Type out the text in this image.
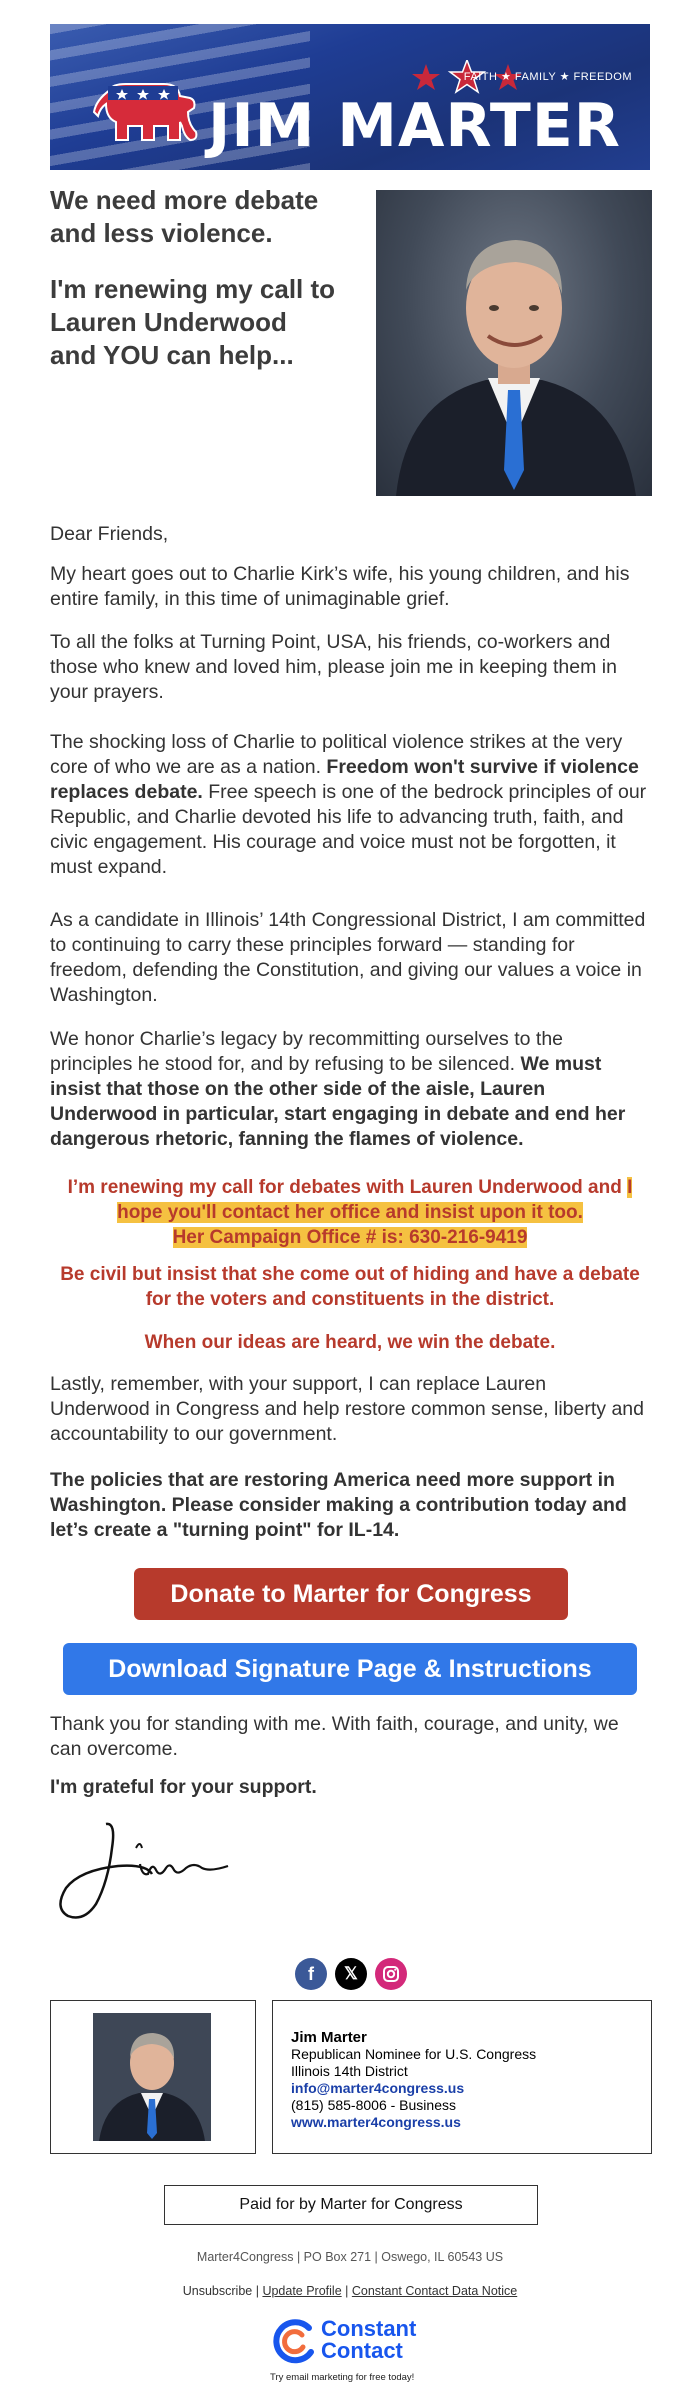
FAITH ★ FAMILY ★ FREEDOM
JIM MARTER
We need more debate and less violence.
I'm renewing my call to Lauren Underwood and YOU can help...

Dear Friends,

My heart goes out to Charlie Kirk’s wife, his young children, and his entire family, in this time of unimaginable grief.

To all the folks at Turning Point, USA, his friends, co-workers and those who knew and loved him, please join me in keeping them in your prayers.

The shocking loss of Charlie to political violence strikes at the very core of who we are as a nation. Freedom won't survive if violence replaces debate. Free speech is one of the bedrock principles of our Republic, and Charlie devoted his life to advancing truth, faith, and civic engagement. His courage and voice must not be forgotten, it must expand.

As a candidate in Illinois’ 14th Congressional District, I am committed to continuing to carry these principles forward — standing for freedom, defending the Constitution, and giving our values a voice in Washington.

We honor Charlie’s legacy by recommitting ourselves to the principles he stood for, and by refusing to be silenced. We must insist that those on the other side of the aisle, Lauren Underwood in particular, start engaging in debate and end her dangerous rhetoric, fanning the flames of violence.

I’m renewing my call for debates with Lauren Underwood and I hope you'll contact her office and insist upon it too.
Her Campaign Office # is: 630-216-9419

Be civil but insist that she come out of hiding and have a debate for the voters and constituents in the district.

When our ideas are heard, we win the debate.

Lastly, remember, with your support, I can replace Lauren Underwood in Congress and help restore common sense, liberty and accountability to our government.

The policies that are restoring America need more support in Washington. Please consider making a contribution today and let’s create a "turning point" for IL-14.

Donate to Marter for Congress
Download Signature Page & Instructions

Thank you for standing with me. With faith, courage, and unity, we can overcome.

I'm grateful for your support.

f	𝕏
Jim Marter
Republican Nominee for U.S. Congress
Illinois 14th District
info@marter4congress.us
(815) 585-8006 - Business
www.marter4congress.us
Paid for by Marter for Congress
Marter4Congress | PO Box 271 | Oswego, IL 60543 US
Unsubscribe | Update Profile | Constant Contact Data Notice
Constant
Contact
Try email marketing for free today!
